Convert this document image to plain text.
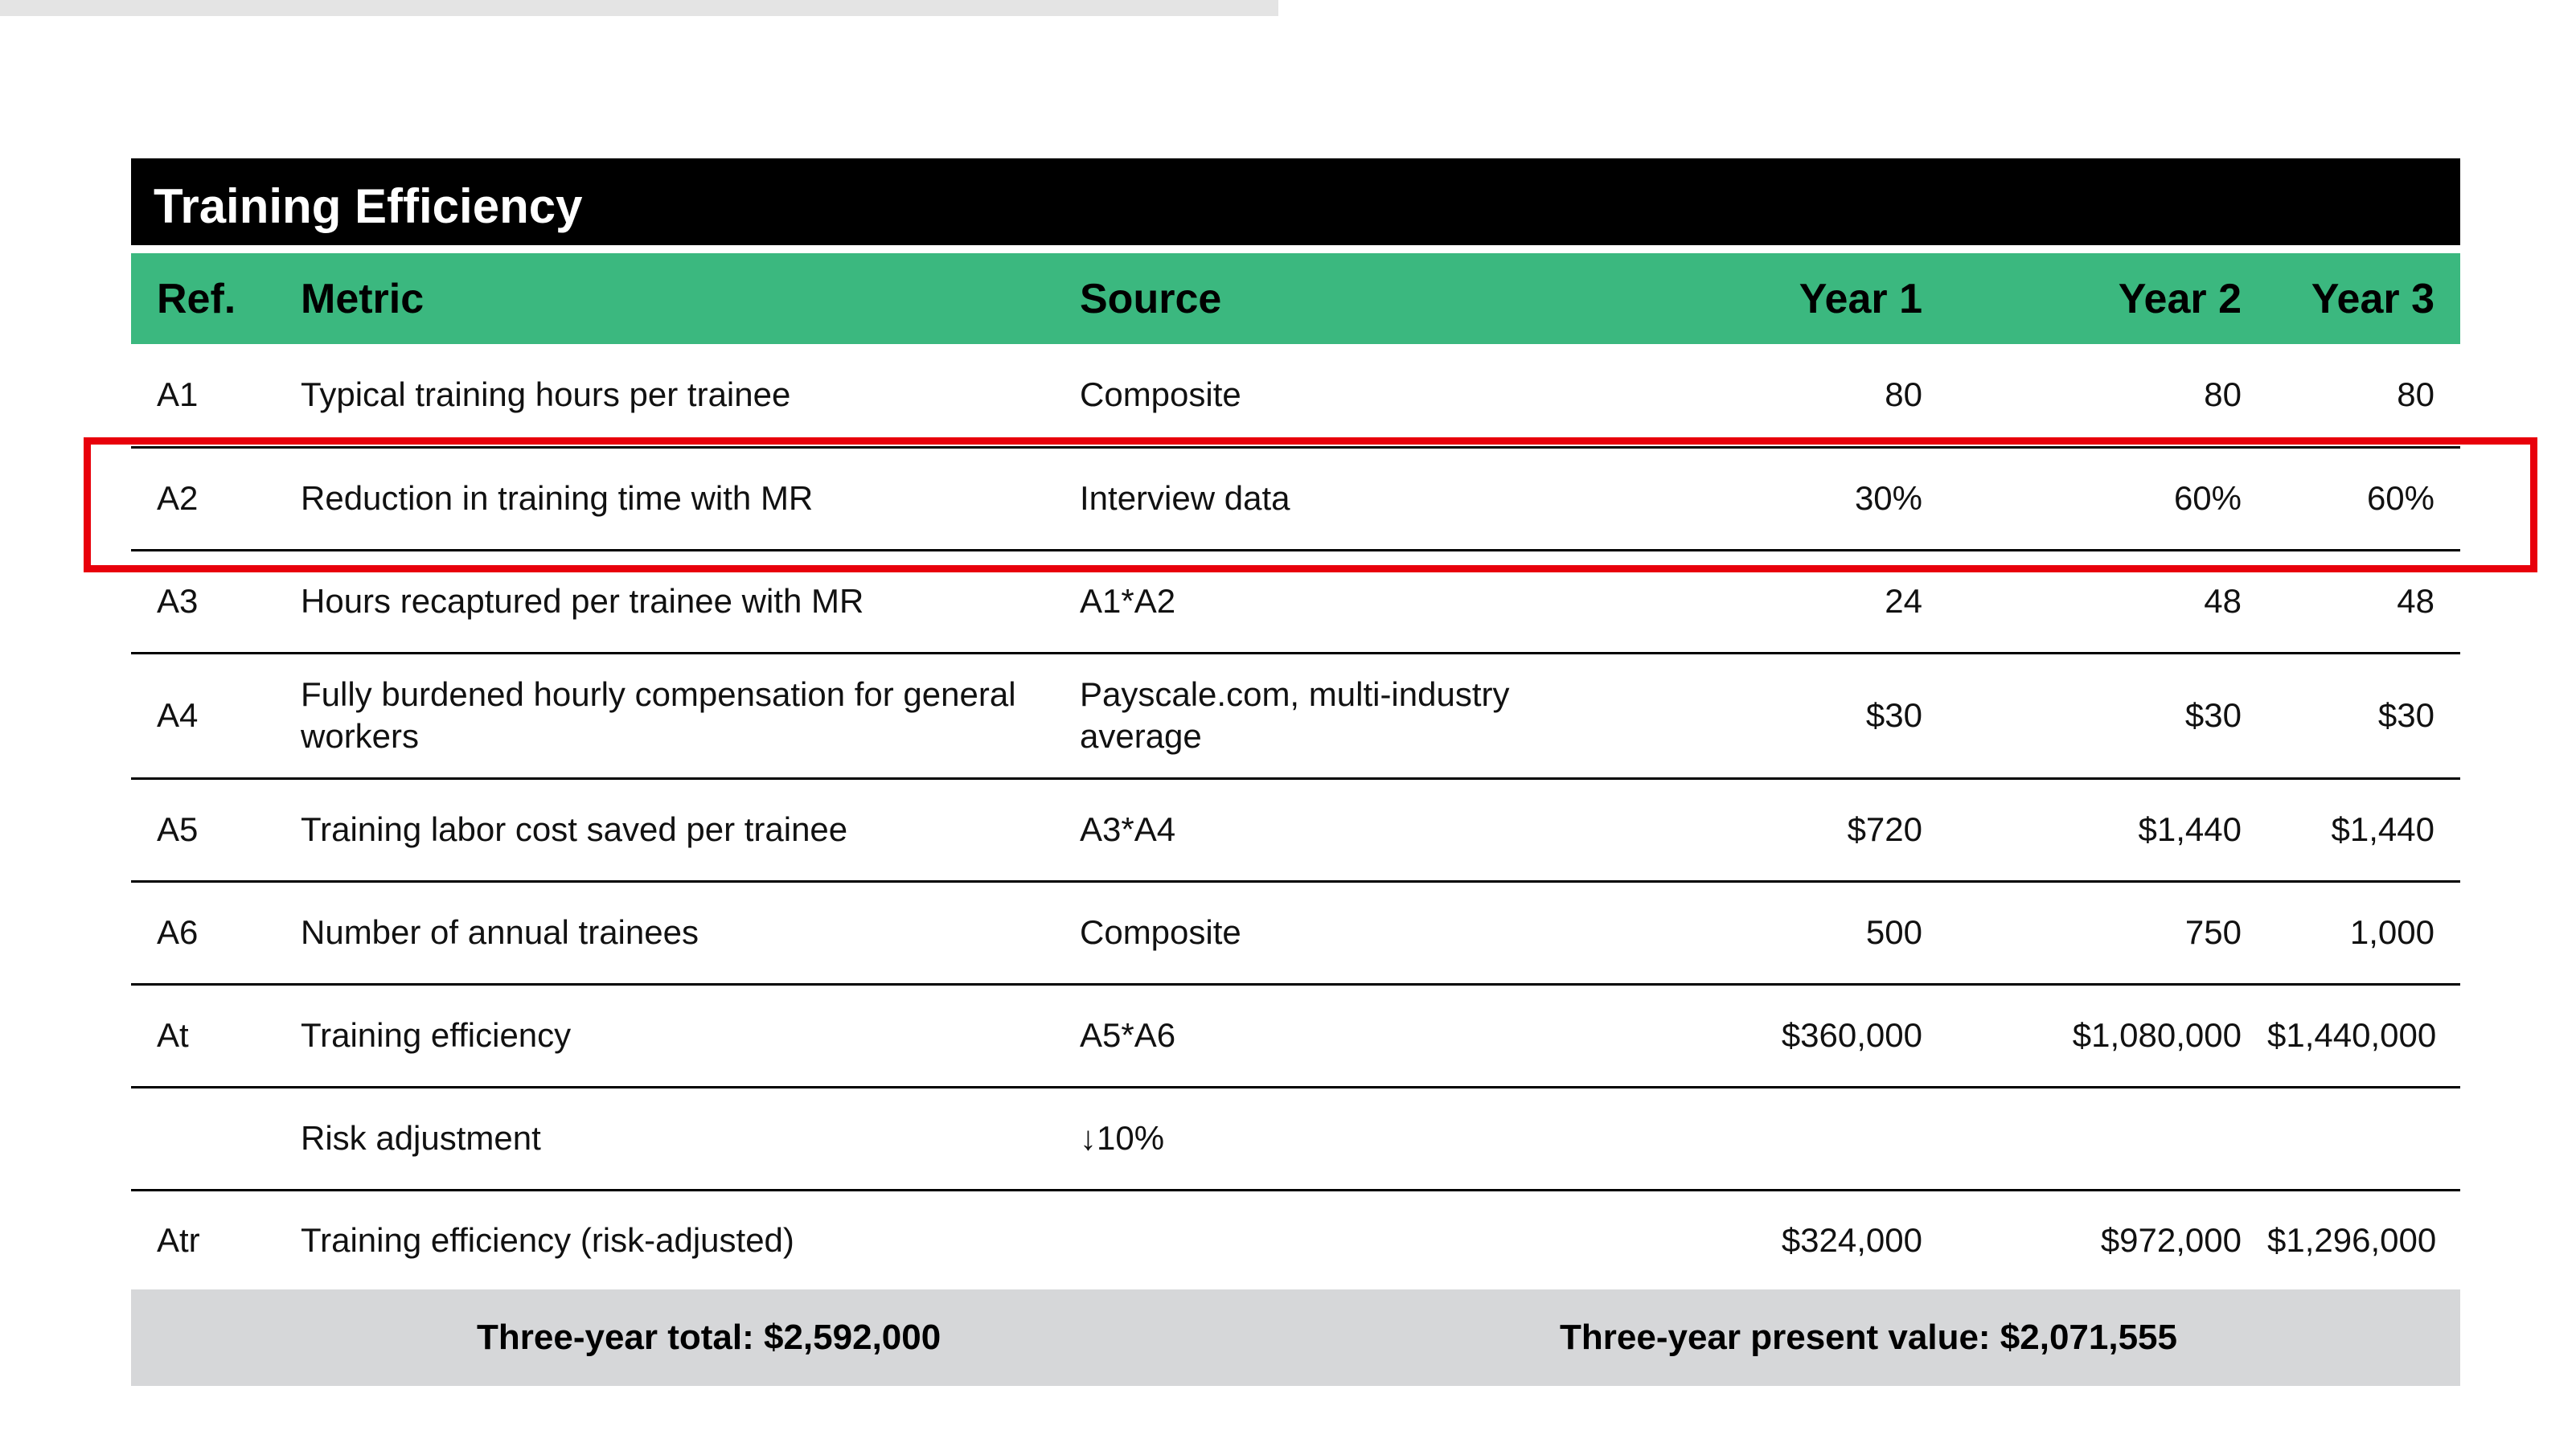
Training Efficiency
Ref.	Metric	Source	Year 1	Year 2	Year 3
A1	Typical training hours per trainee	Composite	80	80	80
A2	Reduction in training time with MR	Interview data	30%	60%	60%
A3	Hours recaptured per trainee with MR	A1*A2	24	48	48
A4	Fully burdened hourly compensation for general workers	Payscale.com, multi-industry average	$30	$30	$30
A5	Training labor cost saved per trainee	A3*A4	$720	$1,440	$1,440
A6	Number of annual trainees	Composite	500	750	1,000
At	Training efficiency	A5*A6	$360,000	$1,080,000	$1,440,000
	Risk adjustment	↓10%			
Atr	Training efficiency (risk-adjusted)		$324,000	$972,000	$1,296,000
Three-year total: $2,592,000	Three-year present value: $2,071,555
